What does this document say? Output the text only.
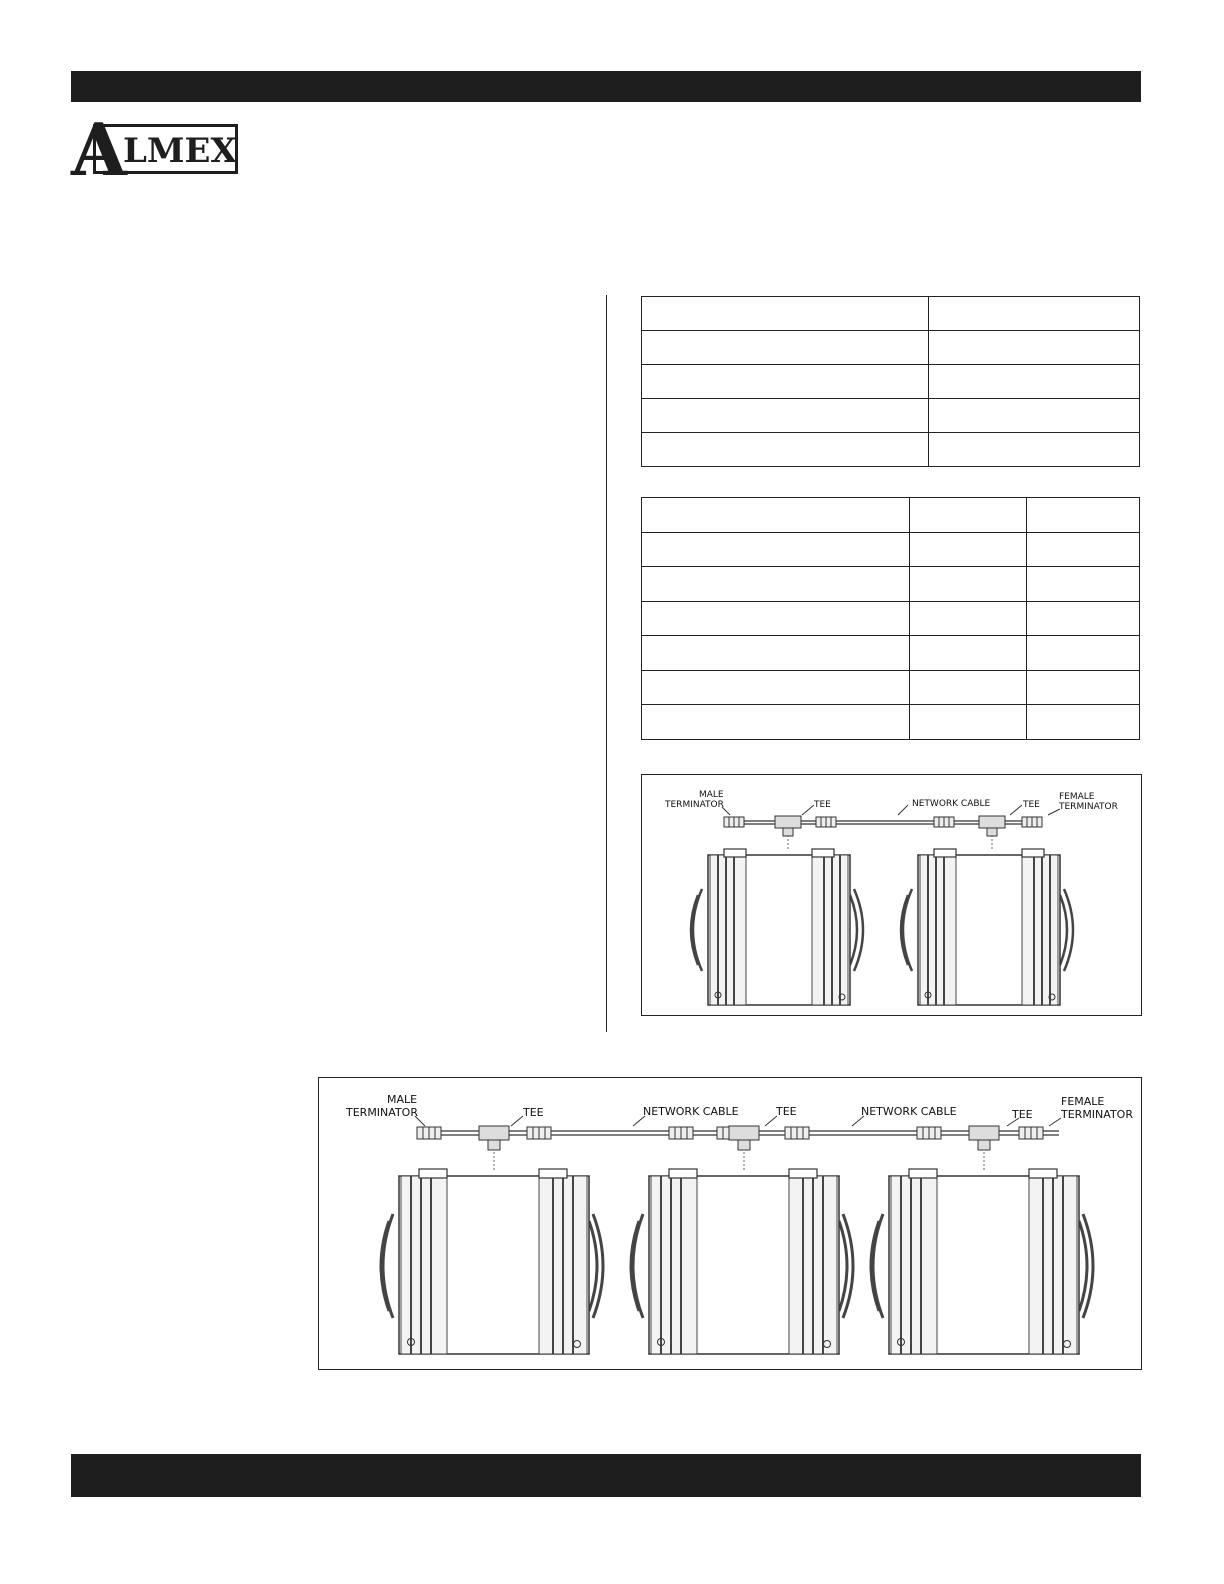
A
LMEX

MALE
TERMINATOR	TEE	NETWORK CABLE	TEE
FEMALE
TERMINATOR
MALE
TERMINATOR	TEE	NETWORK CABLE	TEE	NETWORK CABLE	TEE
FEMALE
TERMINATOR
